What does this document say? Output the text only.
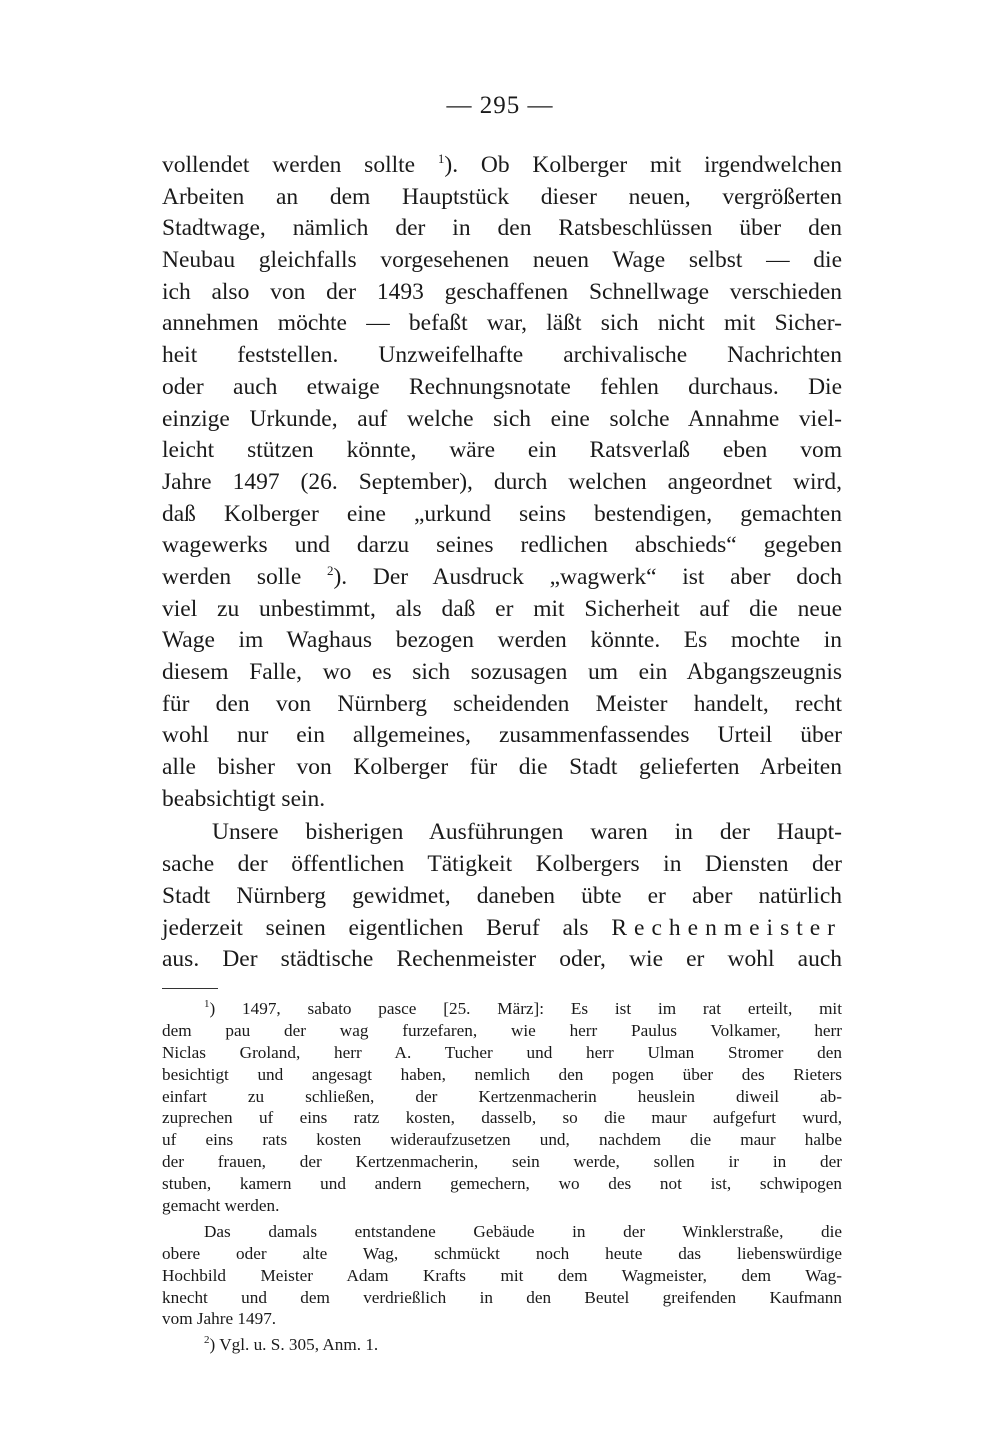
— 295 —
vollendet werden sollte $^1$). Ob Kolberger mit irgendwelchen
Arbeiten an dem Hauptstück dieser neuen, vergrößerten
Stadtwage, nämlich der in den Ratsbeschlüssen über den
Neubau gleichfalls vorgesehenen neuen Wage selbst — die
ich also von der 1493 geschaffenen Schnellwage verschieden
annehmen möchte — befaßt war, läßt sich nicht mit Sicher-
heit feststellen. Unzweifelhafte archivalische Nachrichten
oder auch etwaige Rechnungsnotate fehlen durchaus. Die
einzige Urkunde, auf welche sich eine solche Annahme viel-
leicht stützen könnte, wäre ein Ratsverlaß eben vom
Jahre 1497 (26. September), durch welchen angeordnet wird,
daß Kolberger eine „urkund seins bestendigen, gemachten
wagewerks und darzu seines redlichen abschieds“ gegeben
werden solle $^2$). Der Ausdruck „wagwerk“ ist aber doch
viel zu unbestimmt, als daß er mit Sicherheit auf die neue
Wage im Waghaus bezogen werden könnte. Es mochte in
diesem Falle, wo es sich sozusagen um ein Abgangszeugnis
für den von Nürnberg scheidenden Meister handelt, recht
wohl nur ein allgemeines, zusammenfassendes Urteil über
alle bisher von Kolberger für die Stadt gelieferten Arbeiten
beabsichtigt sein.
Unsere bisherigen Ausführungen waren in der Haupt-
sache der öffentlichen Tätigkeit Kolbergers in Diensten der
Stadt Nürnberg gewidmet, daneben übte er aber natürlich
jederzeit seinen eigentlichen Beruf als Rechenmeister
aus. Der städtische Rechenmeister oder, wie er wohl auch
$^1$) 1497, sabato pasce [25. März]: Es ist im rat erteilt, mit
dem pau der wag furzefaren, wie herr Paulus Volkamer, herr
Niclas Groland, herr A. Tucher und herr Ulman Stromer den
besichtigt und angesagt haben, nemlich den pogen über des Rieters
einfart zu schließen, der Kertzenmacherin heuslein diweil ab-
zuprechen uf eins ratz kosten, dasselb, so die maur aufgefurt wurd,
uf eins rats kosten wideraufzusetzen und, nachdem die maur halbe
der frauen, der Kertzenmacherin, sein werde, sollen ir in der
stuben, kamern und andern gemechern, wo des not ist, schwipogen
gemacht werden.
Das damals entstandene Gebäude in der Winklerstraße, die
obere oder alte Wag, schmückt noch heute das liebenswürdige
Hochbild Meister Adam Krafts mit dem Wagmeister, dem Wag-
knecht und dem verdrießlich in den Beutel greifenden Kaufmann
vom Jahre 1497.
$^2$) Vgl. u. S. 305, Anm. 1.
